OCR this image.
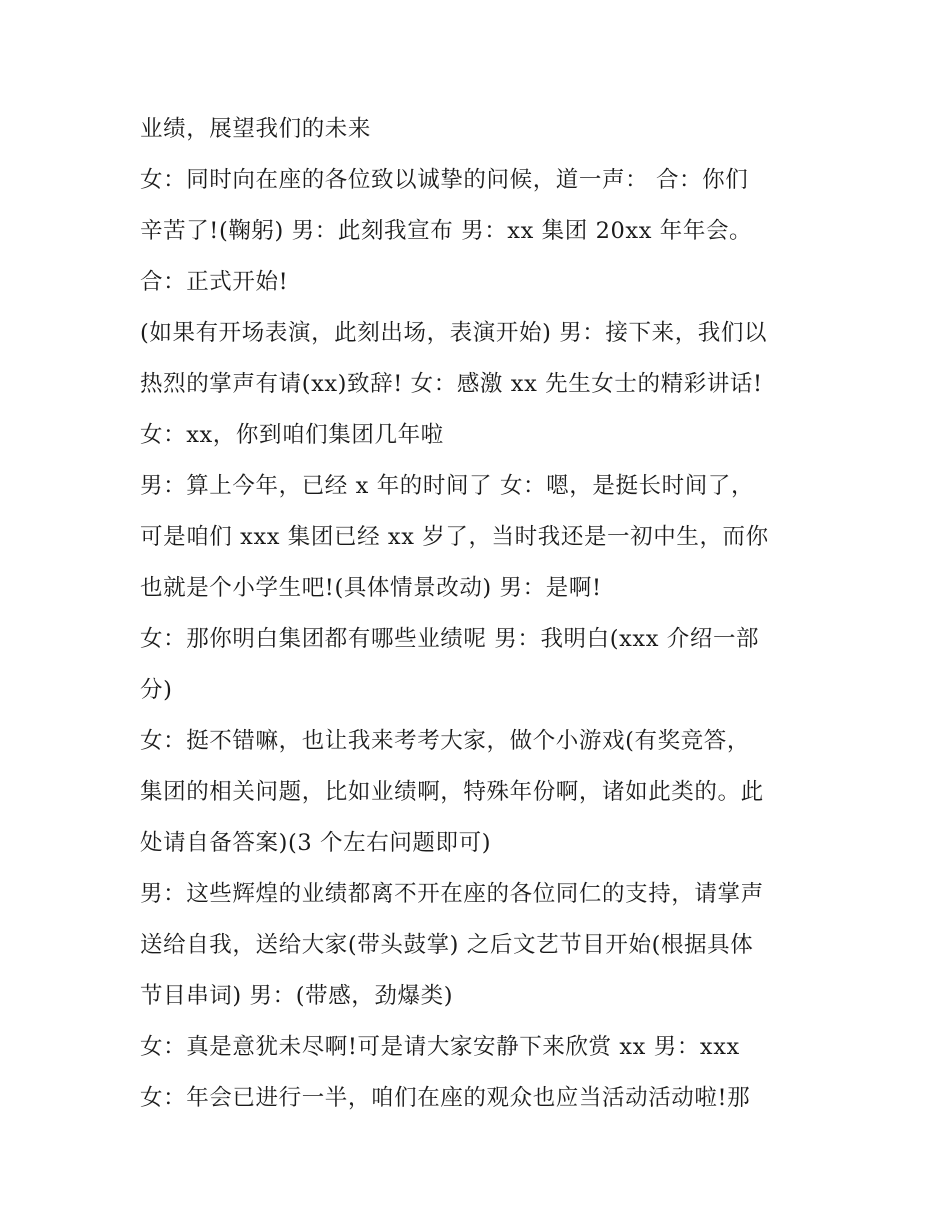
业绩，展望我们的未来
女：同时向在座的各位致以诚挚的问候，道一声： 合：你们
辛苦了!(鞠躬) 男：此刻我宣布 男：xx 集团 20xx 年年会。
合：正式开始!
(如果有开场表演，此刻出场，表演开始) 男：接下来，我们以
热烈的掌声有请(xx)致辞! 女：感激 xx 先生女士的精彩讲话!
女：xx，你到咱们集团几年啦
男：算上今年，已经 x 年的时间了 女：嗯，是挺长时间了，
可是咱们 xxx 集团已经 xx 岁了，当时我还是一初中生，而你
也就是个小学生吧!(具体情景改动) 男：是啊!
女：那你明白集团都有哪些业绩呢 男：我明白(xxx 介绍一部
分)
女：挺不错嘛，也让我来考考大家，做个小游戏(有奖竞答，
集团的相关问题，比如业绩啊，特殊年份啊，诸如此类的。此
处请自备答案)(3 个左右问题即可)
男：这些辉煌的业绩都离不开在座的各位同仁的支持，请掌声
送给自我，送给大家(带头鼓掌) 之后文艺节目开始(根据具体
节目串词) 男：(带感，劲爆类)
女：真是意犹未尽啊!可是请大家安静下来欣赏 xx 男：xxx
女：年会已进行一半，咱们在座的观众也应当活动活动啦!那
